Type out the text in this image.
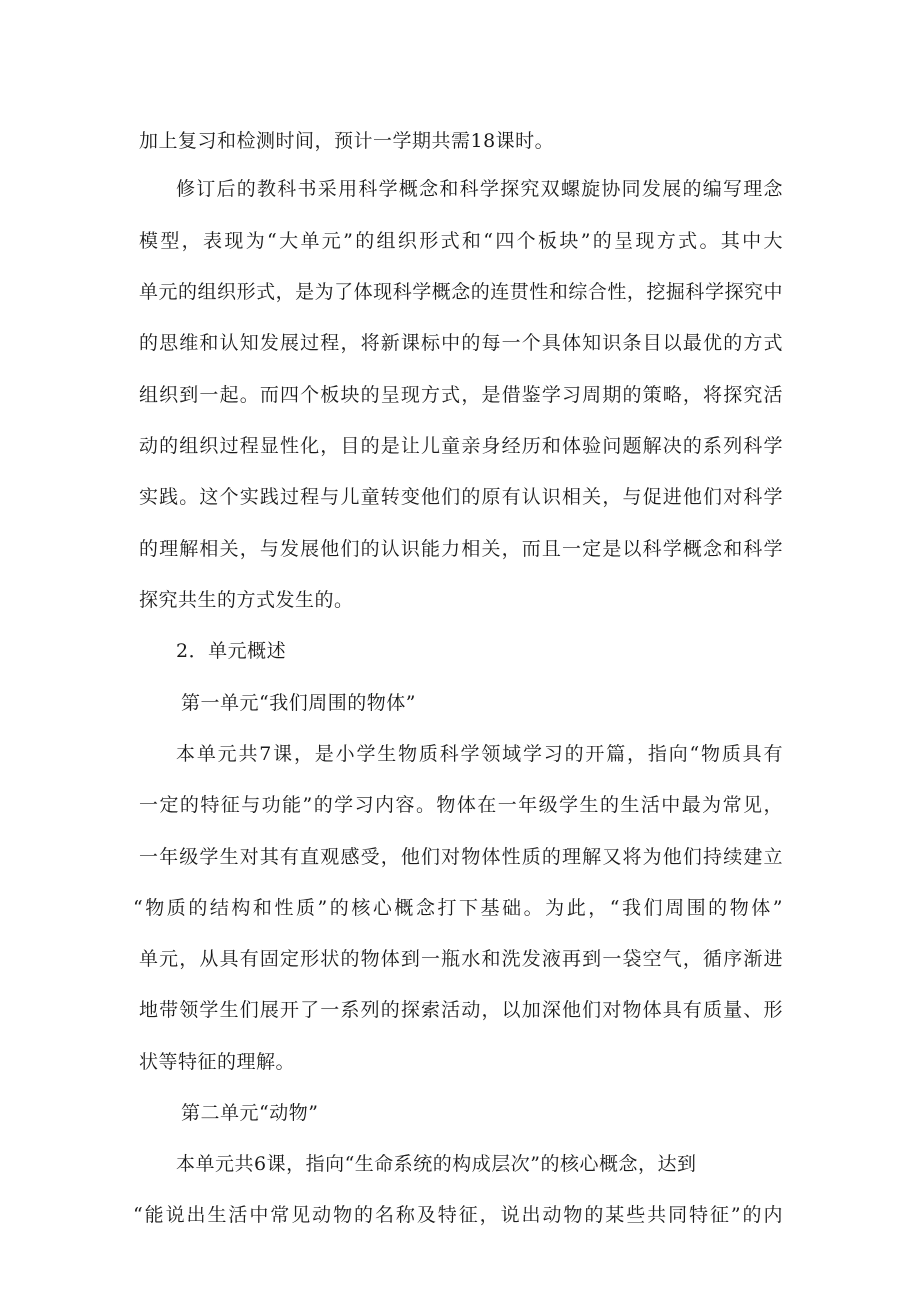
加上复习和检测时间，预计一学期共需18课时。
修订后的教科书采用科学概念和科学探究双螺旋协同发展的编写理念
模型，表现为“大单元”的组织形式和“四个板块”的呈现方式。其中大
单元的组织形式，是为了体现科学概念的连贯性和综合性，挖掘科学探究中
的思维和认知发展过程，将新课标中的每一个具体知识条目以最优的方式
组织到一起。而四个板块的呈现方式，是借鉴学习周期的策略，将探究活
动的组织过程显性化，目的是让儿童亲身经历和体验问题解决的系列科学
实践。这个实践过程与儿童转变他们的原有认识相关，与促进他们对科学
的理解相关，与发展他们的认识能力相关，而且一定是以科学概念和科学
探究共生的方式发生的。
2．单元概述
第一单元“我们周围的物体”
本单元共7课，是小学生物质科学领域学习的开篇，指向“物质具有
一定的特征与功能”的学习内容。物体在一年级学生的生活中最为常见，
一年级学生对其有直观感受，他们对物体性质的理解又将为他们持续建立
“物质的结构和性质”的核心概念打下基础。为此，“我们周围的物体”
单元，从具有固定形状的物体到一瓶水和洗发液再到一袋空气，循序渐进
地带领学生们展开了一系列的探索活动，以加深他们对物体具有质量、形
状等特征的理解。
第二单元“动物”
本单元共6课，指向“生命系统的构成层次”的核心概念，达到
“能说出生活中常见动物的名称及特征，说出动物的某些共同特征”的内
